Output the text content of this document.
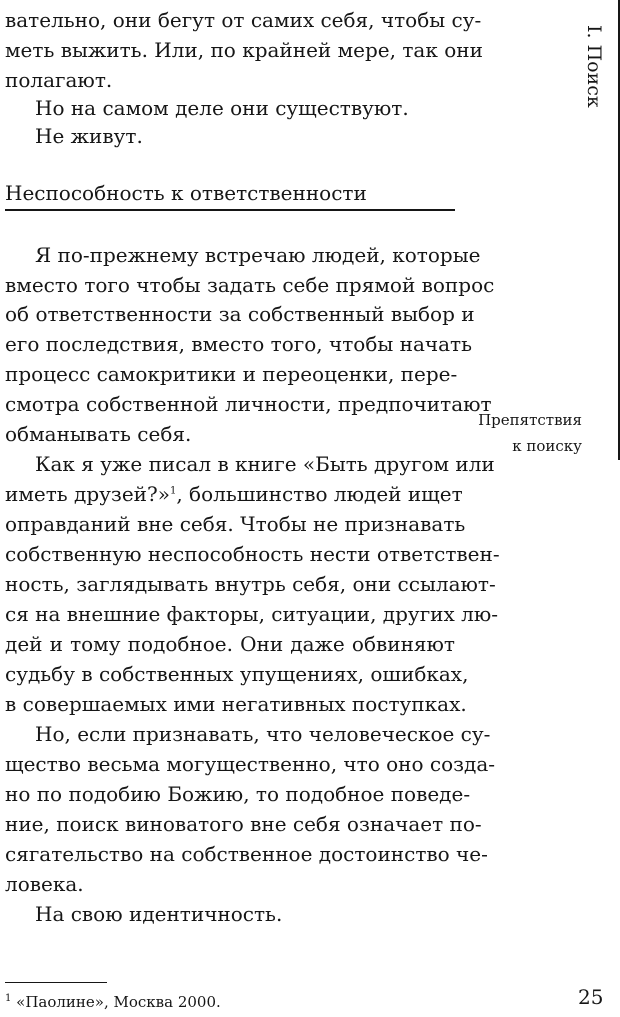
I. Поиск
вательно, они бегут от самих себя, чтобы су-
меть выжить. Или, по крайней мере, так они
полагают.
Но на самом деле они существуют.
Не живут.
Неспособность к ответственности
Препятствия
к поиску
Я по-прежнему встречаю людей, которые
вместо того чтобы задать себе прямой вопрос
об ответственности за собственный выбор и
его последствия, вместо того, чтобы начать
процесс самокритики и переоценки, пере-
смотра собственной личности, предпочитают
обманывать себя.
Как я уже писал в книге «Быть другом или
иметь друзей?»$^1$, большинство людей ищет
оправданий вне себя. Чтобы не признавать
собственную неспособность нести ответствен-
ность, заглядывать внутрь себя, они ссылают-
ся на внешние факторы, ситуации, других лю-
дей и тому подобное. Они даже обвиняют
судьбу в собственных упущениях, ошибках,
в совершаемых ими негативных поступках.
Но, если признавать, что человеческое су-
щество весьма могущественно, что оно созда-
но по подобию Божию, то подобное поведе-
ние, поиск виноватого вне себя означает по-
сягательство на собственное достоинство че-
ловека.
На свою идентичность.
$^1$ «Паолине», Москва 2000.	25
